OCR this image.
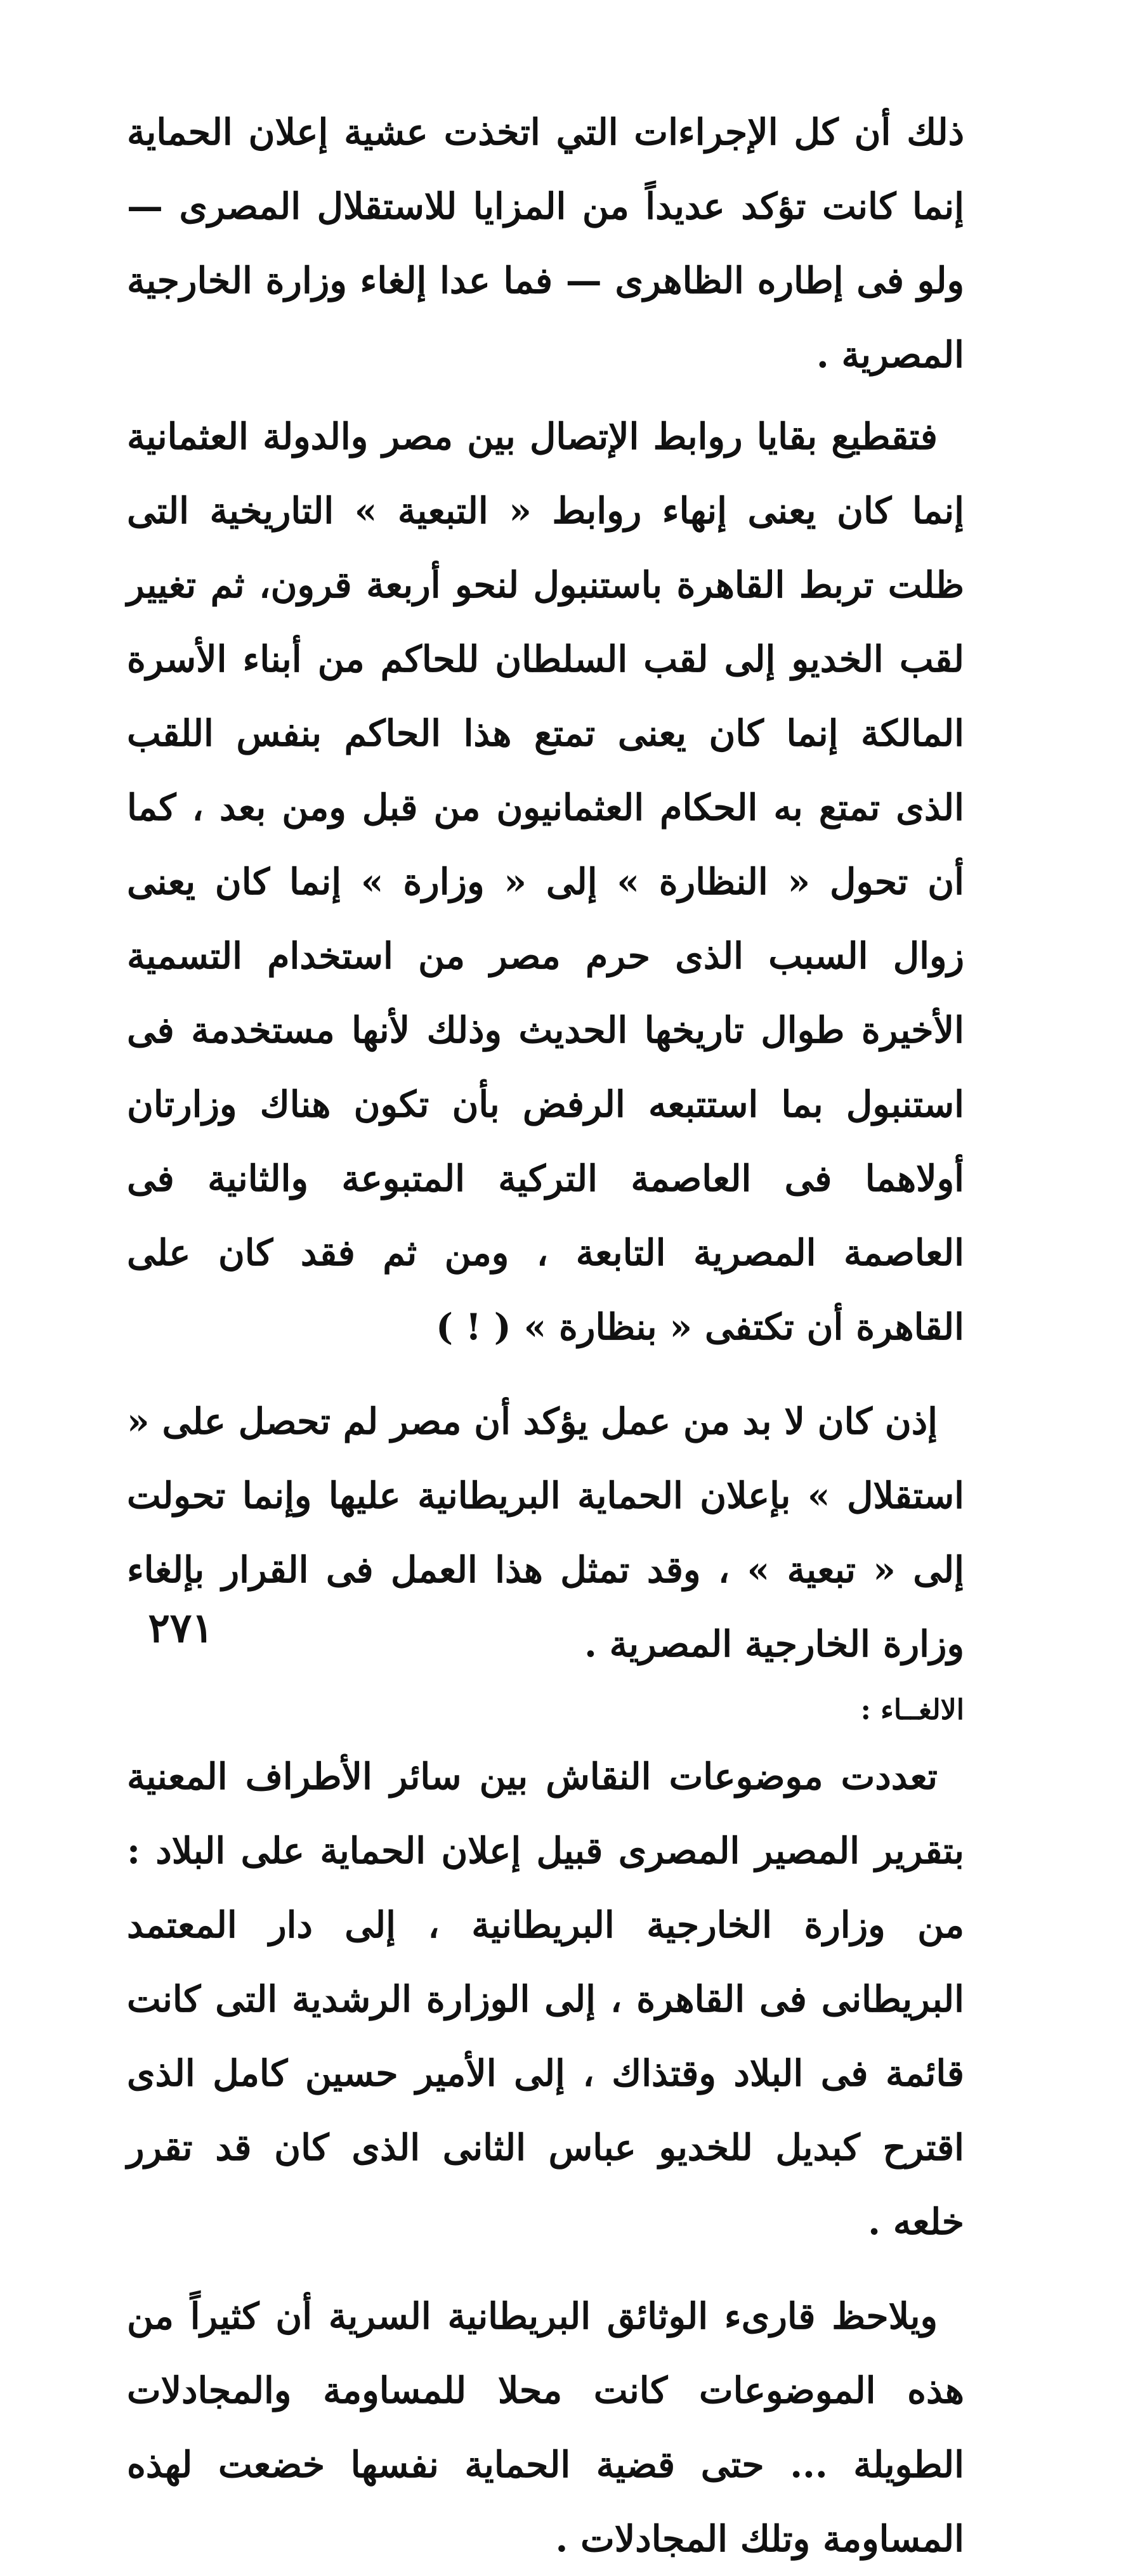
ذلك أن كل الإجراءات التي اتخذت عشية إعلان الحماية إنما كانت تؤكد عديداً من المزايا للاستقلال المصرى — ولو فى إطاره الظاهرى — فما عدا إلغاء وزارة الخارجية المصرية .

فتقطيع بقايا روابط الإتصال بين مصر والدولة العثمانية إنما كان يعنى إنهاء روابط « التبعية » التاريخية التى ظلت تربط القاهرة باستنبول لنحو أربعة قرون، ثم تغيير لقب الخديو إلى لقب السلطان للحاكم من أبناء الأسرة المالكة إنما كان يعنى تمتع هذا الحاكم بنفس اللقب الذى تمتع به الحكام العثمانيون من قبل ومن بعد ، كما أن تحول « النظارة » إلى « وزارة » إنما كان يعنى زوال السبب الذى حرم مصر من استخدام التسمية الأخيرة طوال تاريخها الحديث وذلك لأنها مستخدمة فى استنبول بما استتبعه الرفض بأن تكون هناك وزارتان أولاهما فى العاصمة التركية المتبوعة والثانية فى العاصمة المصرية التابعة ، ومن ثم فقد كان على القاهرة أن تكتفى « بنظارة » ( ! )

إذن كان لا بد من عمل يؤكد أن مصر لم تحصل على « استقلال » بإعلان الحماية البريطانية عليها وإنما تحولت إلى « تبعية » ، وقد تمثل هذا العمل فى القرار بإلغاء وزارة الخارجية المصرية .

الالغــاء :

تعددت موضوعات النقاش بين سائر الأطراف المعنية بتقرير المصير المصرى قبيل إعلان الحماية على البلاد : من وزارة الخارجية البريطانية ، إلى دار المعتمد البريطانى فى القاهرة ، إلى الوزارة الرشدية التى كانت قائمة فى البلاد وقتذاك ، إلى الأمير حسين كامل الذى اقترح كبديل للخديو عباس الثانى الذى كان قد تقرر خلعه .

ويلاحظ قارىء الوثائق البريطانية السرية أن كثيراً من هذه الموضوعات كانت محلا للمساومة والمجادلات الطويلة ... حتى قضية الحماية نفسها خضعت لهذه المساومة وتلك المجادلات .

٢٧١
